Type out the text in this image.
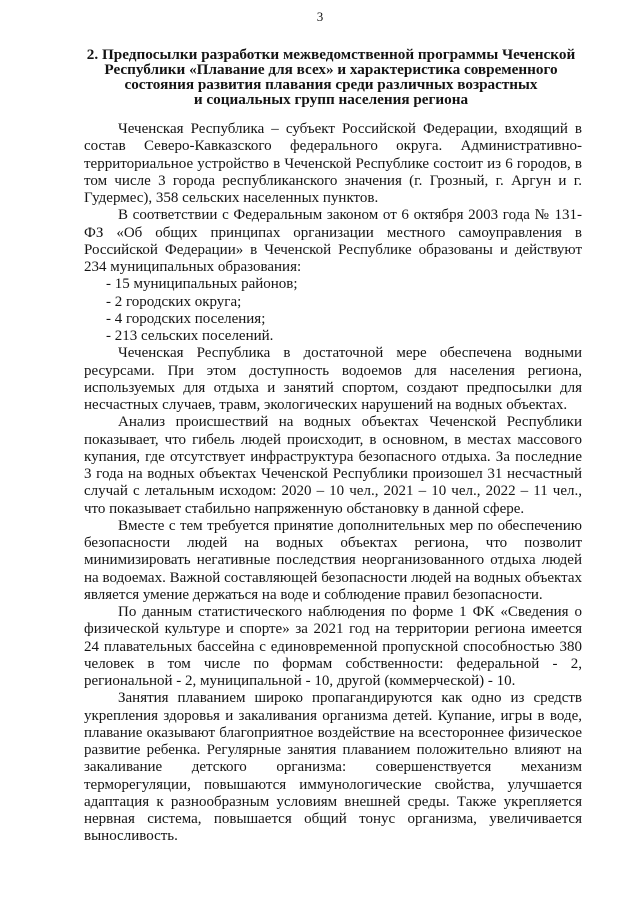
3
2. Предпосылки разработки межведомственной программы Чеченской
Республики «Плавание для всех» и характеристика современного
состояния развития плавания среди различных возрастных
и социальных групп населения региона

Чеченская Республика – субъект Российской Федерации, входящий в состав Северо-Кавказского федерального округа. Административно-территориальное устройство в Чеченской Республике состоит из 6 городов, в том числе 3 города республиканского значения (г. Грозный, г. Аргун и г. Гудермес), 358 сельских населенных пунктов.

В соответствии с Федеральным законом от 6 октября 2003 года № 131-ФЗ «Об общих принципах организации местного самоуправления в Российской Федерации» в Чеченской Республике образованы и действуют 234 муниципальных образования:

- 15 муниципальных районов;

- 2 городских округа;

- 4 городских поселения;

- 213 сельских поселений.

Чеченская Республика в достаточной мере обеспечена водными ресурсами. При этом доступность водоемов для населения региона, используемых для отдыха и занятий спортом, создают предпосылки для несчастных случаев, травм, экологических нарушений на водных объектах.

Анализ происшествий на водных объектах Чеченской Республики показывает, что гибель людей происходит, в основном, в местах массового купания, где отсутствует инфраструктура безопасного отдыха. За последние 3 года на водных объектах Чеченской Республики произошел 31 несчастный случай с летальным исходом: 2020 – 10 чел., 2021 – 10 чел., 2022 – 11 чел., что показывает стабильно напряженную обстановку в данной сфере.

Вместе с тем требуется принятие дополнительных мер по обеспечению безопасности людей на водных объектах региона, что позволит минимизировать негативные последствия неорганизованного отдыха людей на водоемах. Важной составляющей безопасности людей на водных объектах является умение держаться на воде и соблюдение правил безопасности.

По данным статистического наблюдения по форме 1 ФК «Сведения о физической культуре и спорте» за 2021 год на территории региона имеется 24 плавательных бассейна с единовременной пропускной способностью 380 человек в том числе по формам собственности: федеральной - 2, региональной - 2, муниципальной - 10, другой (коммерческой) - 10.

Занятия плаванием широко пропагандируются как одно из средств укрепления здоровья и закаливания организма детей. Купание, игры в воде, плавание оказывают благоприятное воздействие на всестороннее физическое развитие ребенка. Регулярные занятия плаванием положительно влияют на закаливание детского организма: совершенствуется механизм терморегуляции, повышаются иммунологические свойства, улучшается адаптация к разнообразным условиям внешней среды. Также укрепляется нервная система, повышается общий тонус организма, увеличивается выносливость.
